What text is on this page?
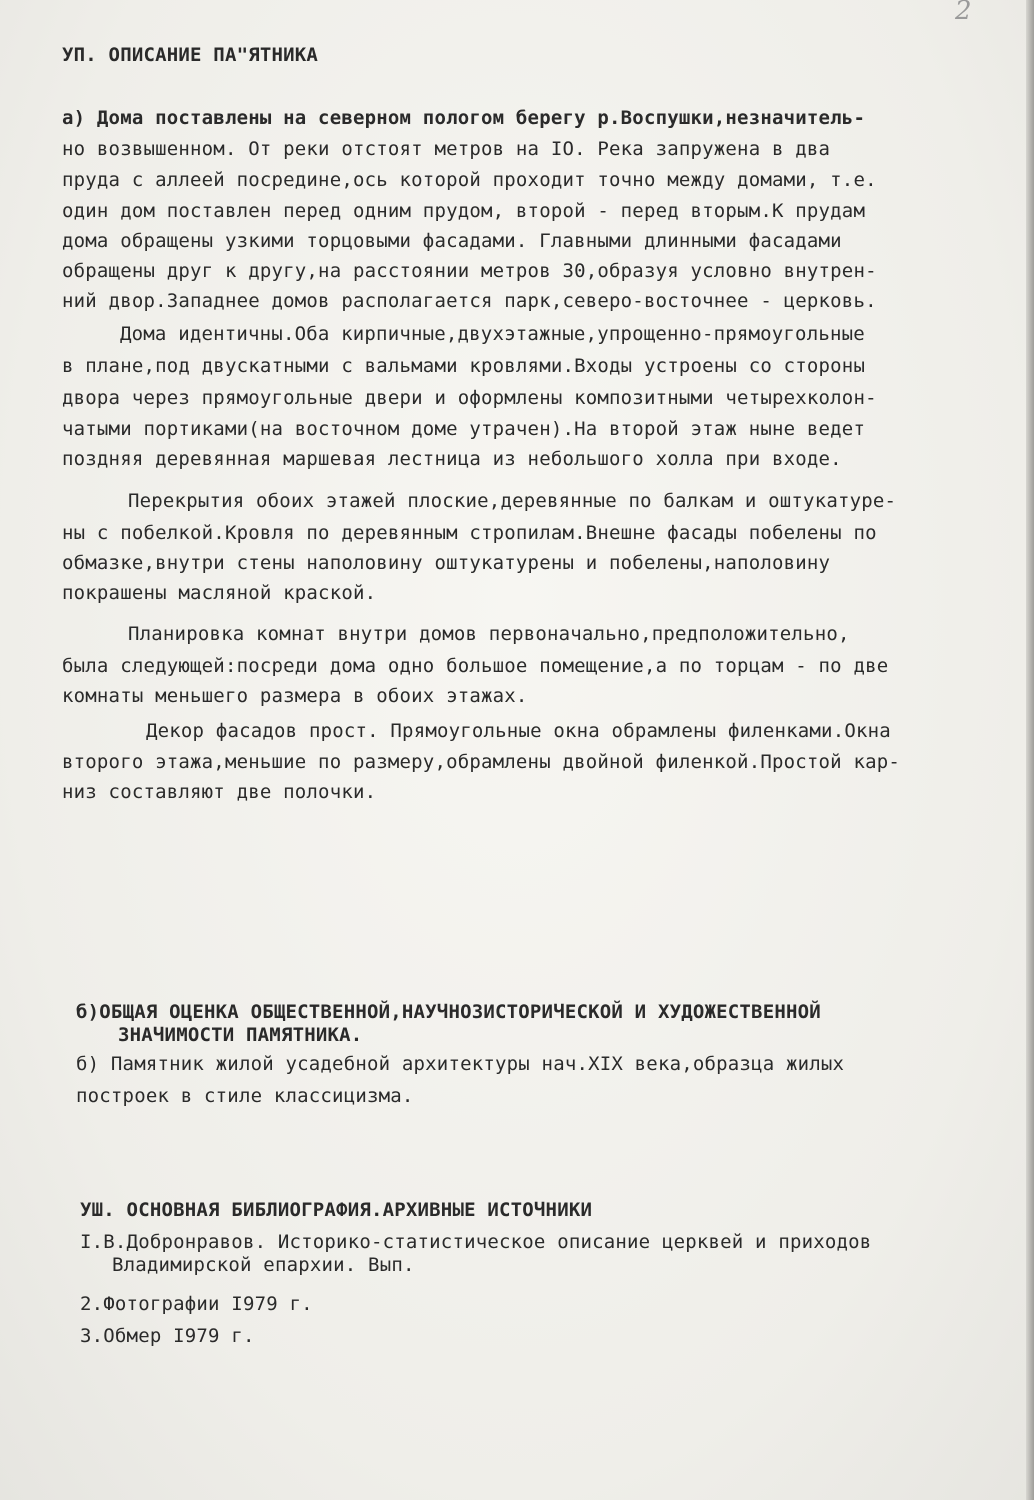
2
УП. ОПИСАНИЕ ПА"ЯТНИКА
а) Дома поставлены на северном пологом берегу р.Воспушки,незначитель-
но возвышенном. От реки отстоят метров на IO. Река запружена в два
пруда с аллеей посредине,ось которой проходит точно между домами, т.е.
один дом поставлен перед одним прудом, второй - перед вторым.К прудам
дома обращены узкими торцовыми фасадами. Главными длинными фасадами
обращены друг к другу,на расстоянии метров 30,образуя условно внутрен-
ний двор.Западнее домов располагается парк,северо-восточнее - церковь.
Дома идентичны.Оба кирпичные,двухэтажные,упрощенно-прямоугольные
в плане,под двускатными с вальмами кровлями.Входы устроены со стороны
двора через прямоугольные двери и оформлены композитными четырехколон-
чатыми портиками(на восточном доме утрачен).На второй этаж ныне ведет
поздняя деревянная маршевая лестница из небольшого холла при входе.
Перекрытия обоих этажей плоские,деревянные по балкам и оштукатуре-
ны с побелкой.Кровля по деревянным стропилам.Внешне фасады побелены по
обмазке,внутри стены наполовину оштукатурены и побелены,наполовину
покрашены масляной краской.
Планировка комнат внутри домов первоначально,предположительно,
была следующей:посреди дома одно большое помещение,а по торцам - по две
комнаты меньшего размера в обоих этажах.
Декор фасадов прост. Прямоугольные окна обрамлены филенками.Окна
второго этажа,меньшие по размеру,обрамлены двойной филенкой.Простой кар-
низ составляют две полочки.
б)ОБЩАЯ ОЦЕНКА ОБЩЕСТВЕННОЙ,НАУЧНОЗИСТОРИЧЕСКОЙ И ХУДОЖЕСТВЕННОЙ
ЗНАЧИМОСТИ ПАМЯТНИКА.
б) Памятник жилой усадебной архитектуры нач.XIX века,образца жилых
построек в стиле классицизма.
УШ. ОСНОВНАЯ БИБЛИОГРАФИЯ.АРХИВНЫЕ ИСТОЧНИКИ
I.В.Добронравов. Историко-статистическое описание церквей и приходов
Владимирской епархии. Вып.
2.Фотографии I979 г.
3.Обмер I979 г.
